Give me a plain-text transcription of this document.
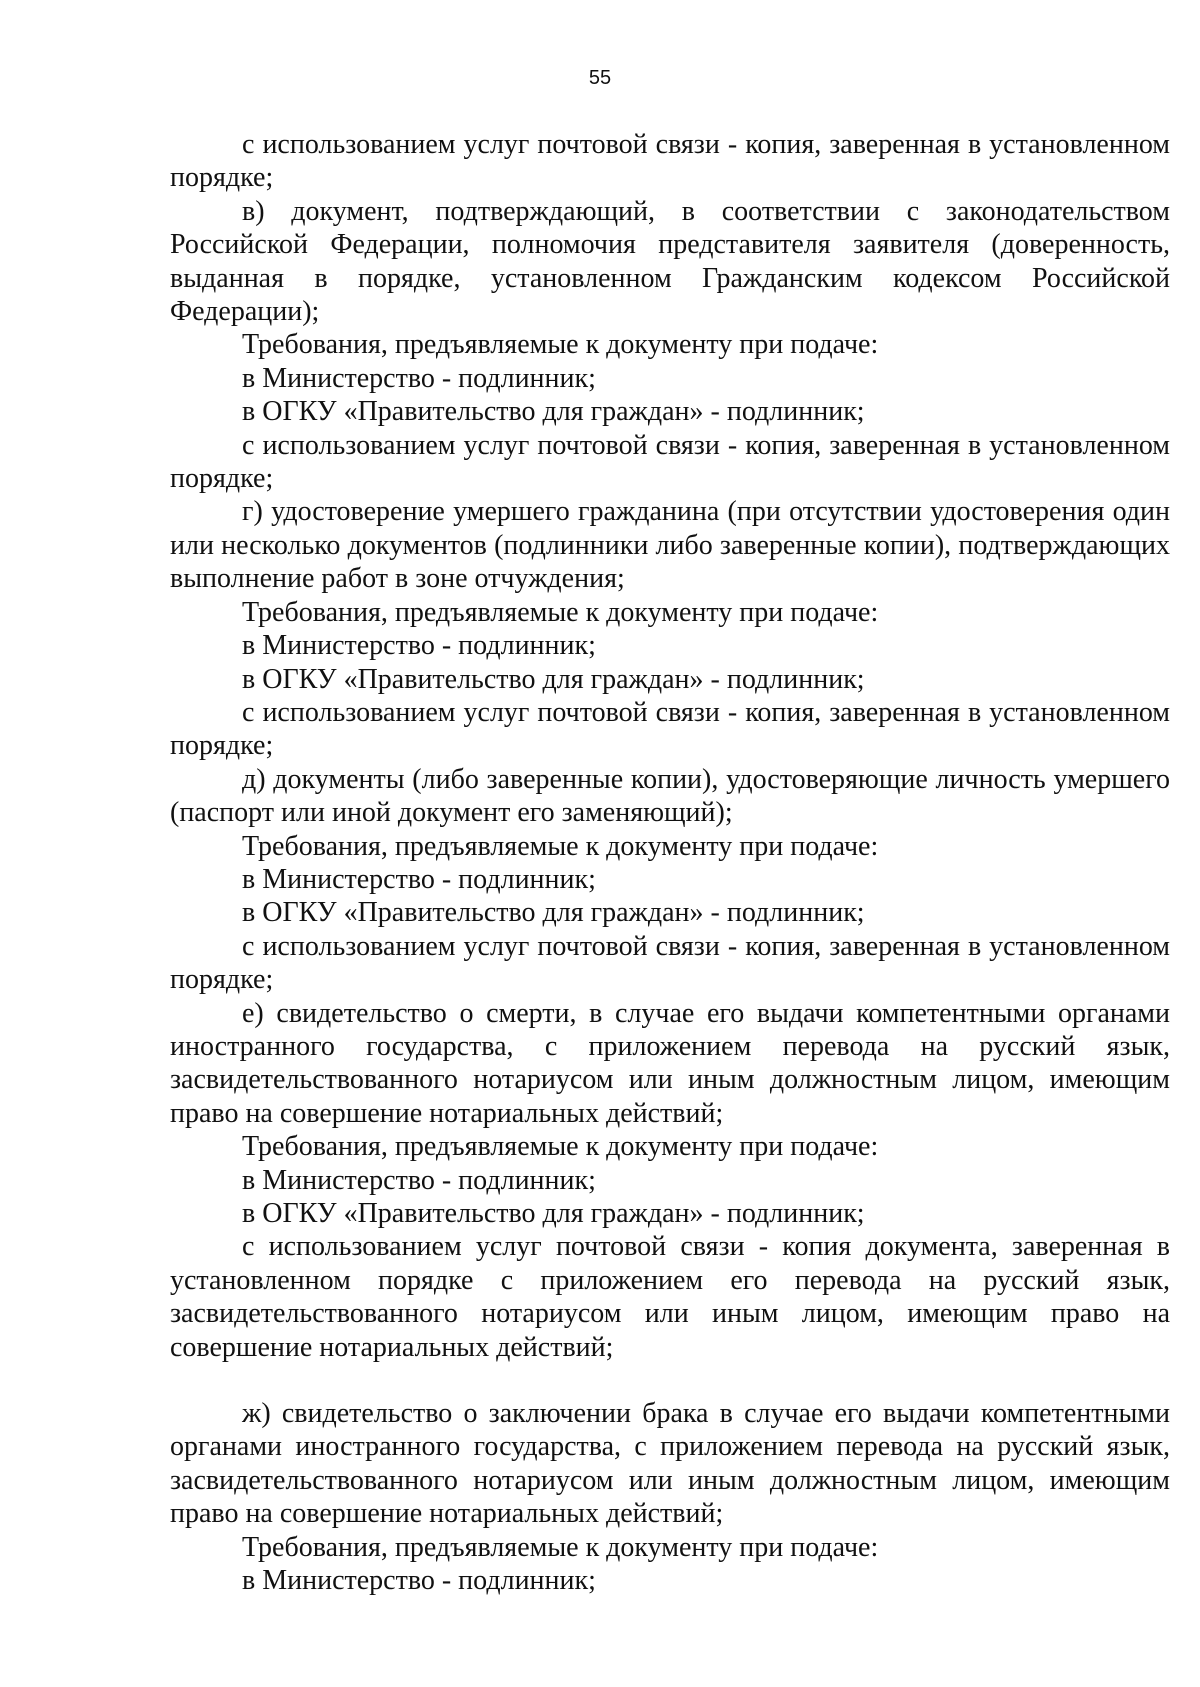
55

с использованием услуг почтовой связи - копия, заверенная в установленном порядке;

в) документ, подтверждающий, в соответствии с законодательством Российской Федерации, полномочия представителя заявителя (доверенность, выданная в порядке, установленном Гражданским кодексом Российской Федерации);

Требования, предъявляемые к документу при подаче:

в Министерство - подлинник;

в ОГКУ «Правительство для граждан» - подлинник;

с использованием услуг почтовой связи - копия, заверенная в установленном порядке;

г) удостоверение умершего гражданина (при отсутствии удостоверения один или несколько документов (подлинники либо заверенные копии), подтверждающих выполнение работ в зоне отчуждения;

Требования, предъявляемые к документу при подаче:

в Министерство - подлинник;

в ОГКУ «Правительство для граждан» - подлинник;

с использованием услуг почтовой связи - копия, заверенная в установленном порядке;

д) документы (либо заверенные копии), удостоверяющие личность умершего (паспорт или иной документ его заменяющий);

Требования, предъявляемые к документу при подаче:

в Министерство - подлинник;

в ОГКУ «Правительство для граждан» - подлинник;

с использованием услуг почтовой связи - копия, заверенная в установленном порядке;

е) свидетельство о смерти, в случае его выдачи компетентными органами иностранного государства, с приложением перевода на русский язык, засвидетельствованного нотариусом или иным должностным лицом, имеющим право на совершение нотариальных действий;

Требования, предъявляемые к документу при подаче:

в Министерство - подлинник;

в ОГКУ «Правительство для граждан» - подлинник;

с использованием услуг почтовой связи - копия документа, заверенная в установленном порядке с приложением его перевода на русский язык, засвидетельствованного нотариусом или иным лицом, имеющим право на совершение нотариальных действий;

ж) свидетельство о заключении брака в случае его выдачи компетентными органами иностранного государства, с приложением перевода на русский язык, засвидетельствованного нотариусом или иным должностным лицом, имеющим право на совершение нотариальных действий;

Требования, предъявляемые к документу при подаче:

в Министерство - подлинник;
